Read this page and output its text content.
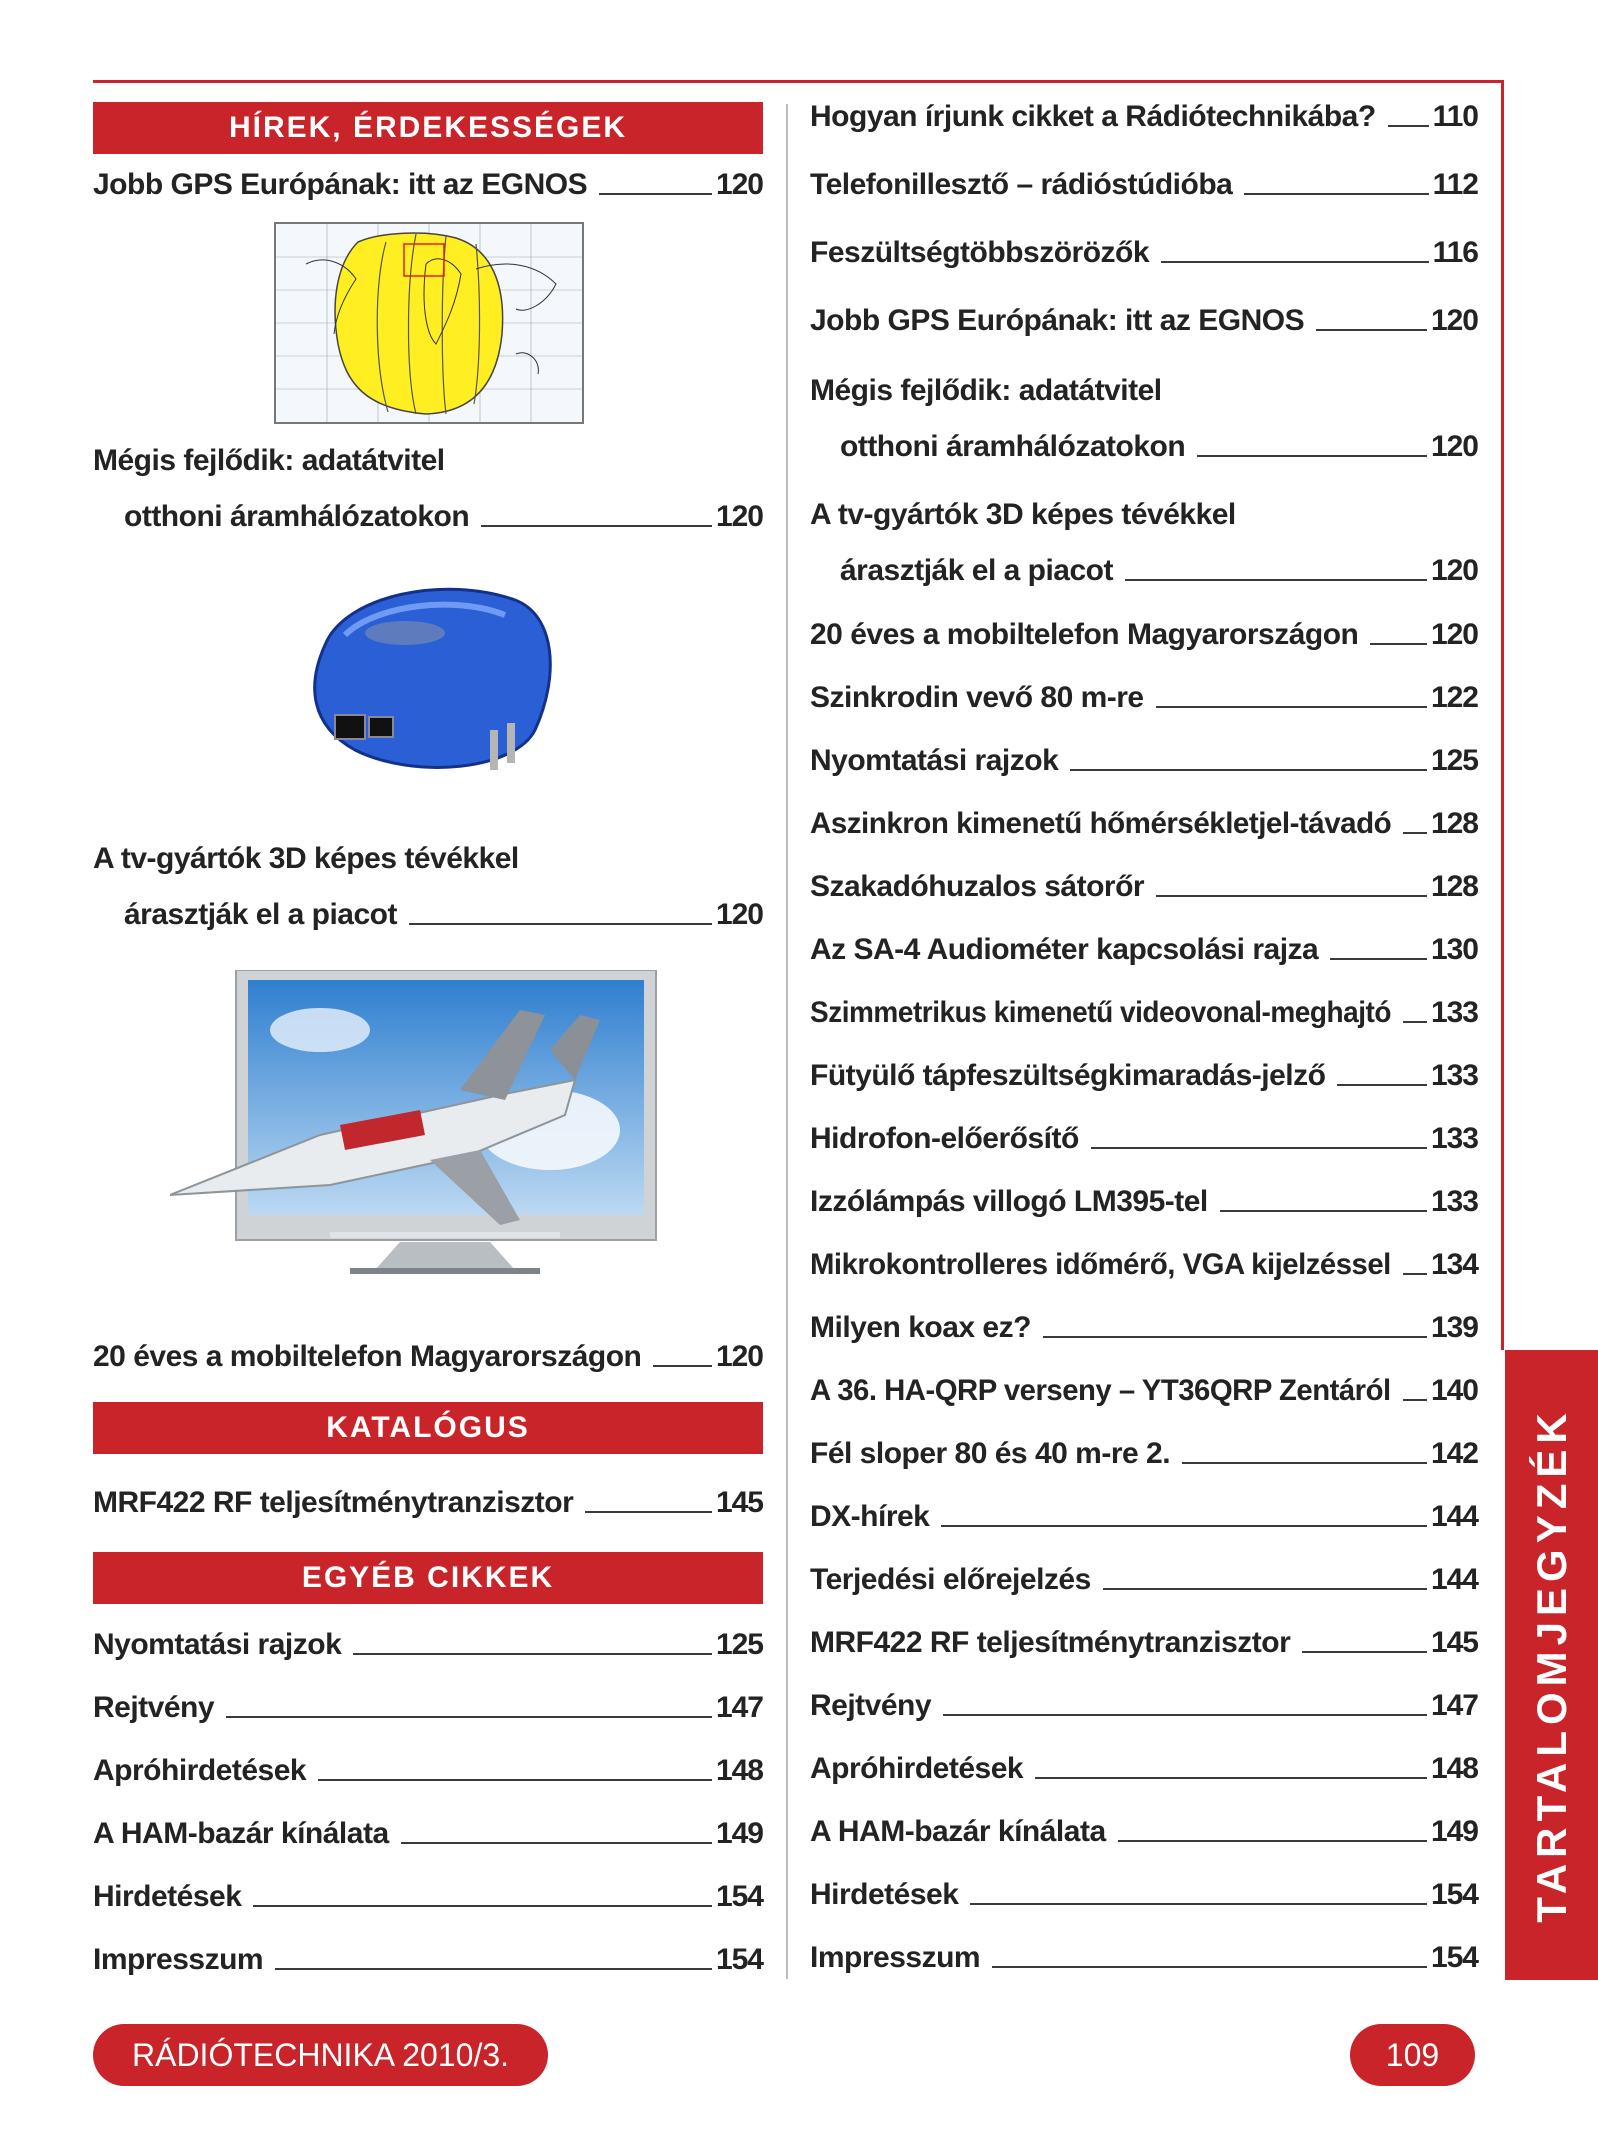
HÍREK, ÉRDEKESSÉGEK
Jobb GPS Európának: itt az EGNOS	120
Mégis fejlődik: adatátvitel
otthoni áramhálózatokon	120
A tv-gyártók 3D képes tévékkel
árasztják el a piacot	120
20 éves a mobiltelefon Magyarországon 120
KATALÓGUS
MRF422 RF teljesítménytranzisztor	145
EGYÉB CIKKEK
Nyomtatási rajzok	125
Rejtvény	147
Apróhirdetések	148
A HAM-bazár kínálata	149
Hirdetések	154
Impresszum	154
Hogyan írjunk cikket a Rádiótechnikába? 110
Telefonillesztő – rádióstúdióba	112
Feszültségtöbbszörözők	116
Jobb GPS Európának: itt az EGNOS	120
Mégis fejlődik: adatátvitel
otthoni áramhálózatokon	120
A tv-gyártók 3D képes tévékkel
árasztják el a piacot	120
20 éves a mobiltelefon Magyarországon 120
Szinkrodin vevő 80 m-re	122
Nyomtatási rajzok	125
Aszinkron kimenetű hőmérsékletjel-távadó 128
Szakadóhuzalos sátorőr	128
Az SA-4 Audiométer kapcsolási rajza	130
Szimmetrikus kimenetű videovonal-meghajtó 133
Fütyülő tápfeszültségkimaradás-jelző	133
Hidrofon-előerősítő	133
Izzólámpás villogó LM395-tel	133
Mikrokontrolleres időmérő, VGA kijelzéssel 134
Milyen koax ez?	139
A 36. HA-QRP verseny – YT36QRP Zentáról 140
Fél sloper 80 és 40 m-re 2.	142
DX-hírek	144
Terjedési előrejelzés	144
MRF422 RF teljesítménytranzisztor	145
Rejtvény	147
Apróhirdetések	148
A HAM-bazár kínálata	149
Hirdetések	154
Impresszum	154
TARTALOMJEGYZÉK
RÁDIÓTECHNIKA 2010/3.	109
